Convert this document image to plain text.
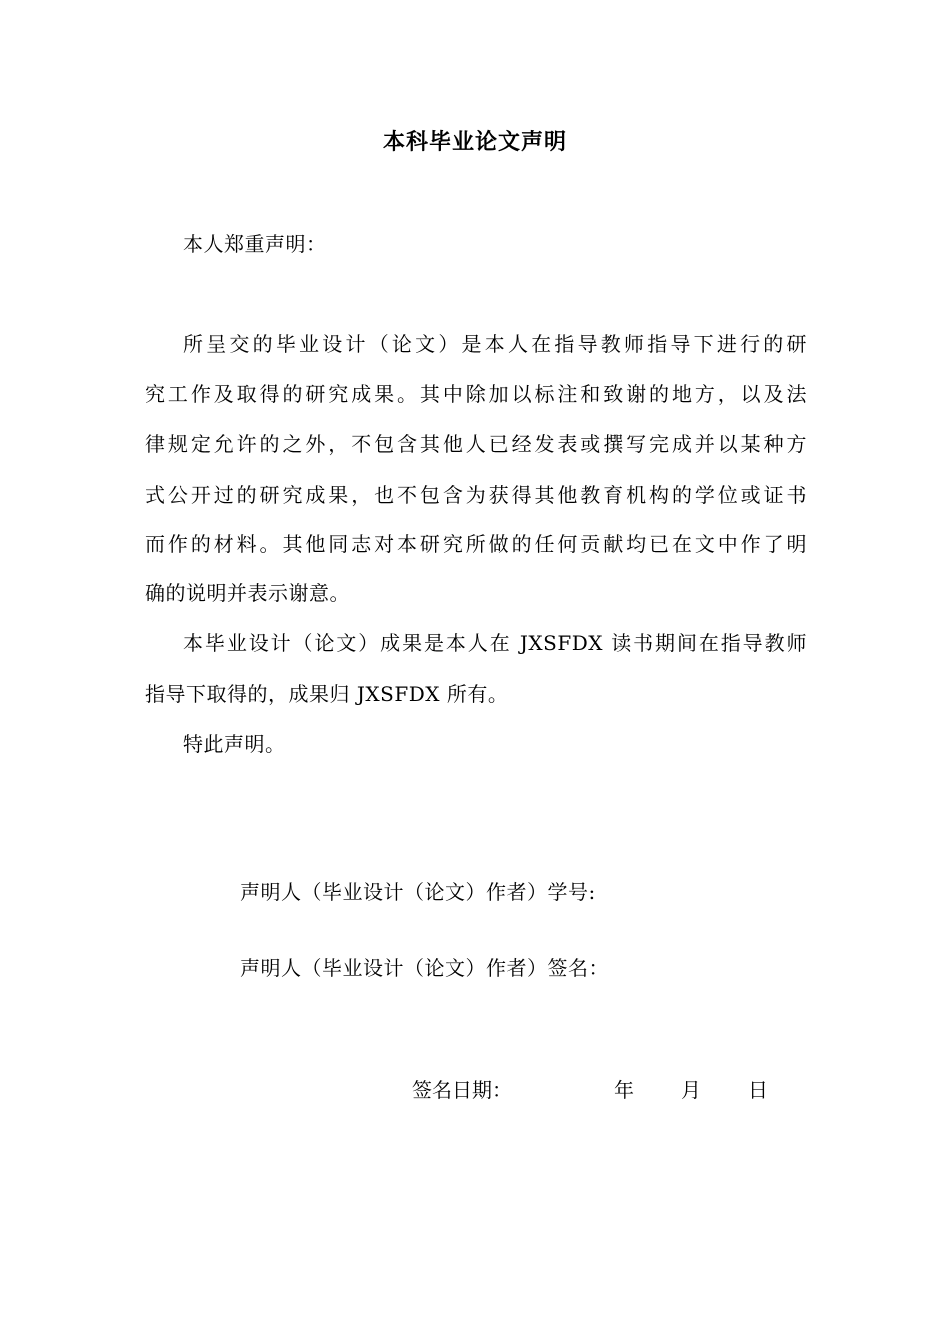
本科毕业论文声明
本人郑重声明：
所呈交的毕业设计（论文）是本人在指导教师指导下进行的研
究工作及取得的研究成果。其中除加以标注和致谢的地方，以及法
律规定允许的之外，不包含其他人已经发表或撰写完成并以某种方
式公开过的研究成果，也不包含为获得其他教育机构的学位或证书
而作的材料。其他同志对本研究所做的任何贡献均已在文中作了明
确的说明并表示谢意。
本毕业设计（论文）成果是本人在 JXSFDX 读书期间在指导教师
指导下取得的，成果归 JXSFDX 所有。
特此声明。
声明人（毕业设计（论文）作者）学号:
声明人（毕业设计（论文）作者）签名：
签名日期：	年 月 日
